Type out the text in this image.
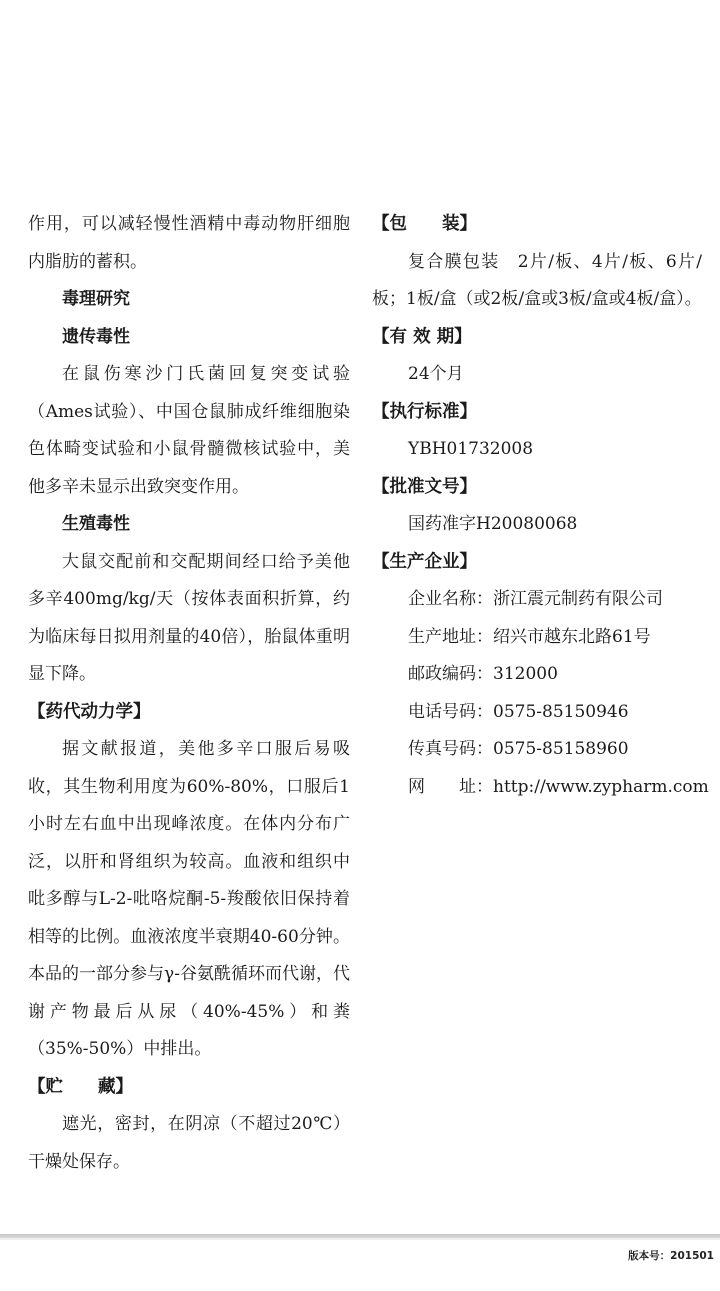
作用，可以减轻慢性酒精中毒动物肝细胞内脂肪的蓄积。

毒理研究

遗传毒性

在鼠伤寒沙门氏菌回复突变试验（Ames试验）、中国仓鼠肺成纤维细胞染色体畸变试验和小鼠骨髓微核试验中，美他多辛未显示出致突变作用。

生殖毒性

大鼠交配前和交配期间经口给予美他多辛400mg/kg/天（按体表面积折算，约为临床每日拟用剂量的40倍），胎鼠体重明显下降。

【药代动力学】

据文献报道，美他多辛口服后易吸收，其生物利用度为60%-80%，口服后1小时左右血中出现峰浓度。在体内分布广泛，以肝和肾组织为较高。血液和组织中吡多醇与L-2-吡咯烷酮-5-羧酸依旧保持着相等的比例。血液浓度半衰期40-60分钟。本品的一部分参与γ-谷氨酰循环而代谢，代谢产物最后从尿（40%-45%）和粪（35%-50%）中排出。

【贮　　藏】

遮光，密封，在阴凉（不超过20℃）干燥处保存。

【包　　装】

复合膜包装　2片/板、4片/板、6片/板；1板/盒（或2板/盒或3板/盒或4板/盒）。

【有 效 期】

24个月

【执行标准】

YBH01732008

【批准文号】

国药准字H20080068

【生产企业】

企业名称：浙江震元制药有限公司

生产地址：绍兴市越东北路61号

邮政编码：312000

电话号码：0575-85150946

传真号码：0575-85158960

网　　址：http://www.zypharm.com

版本号：201501
